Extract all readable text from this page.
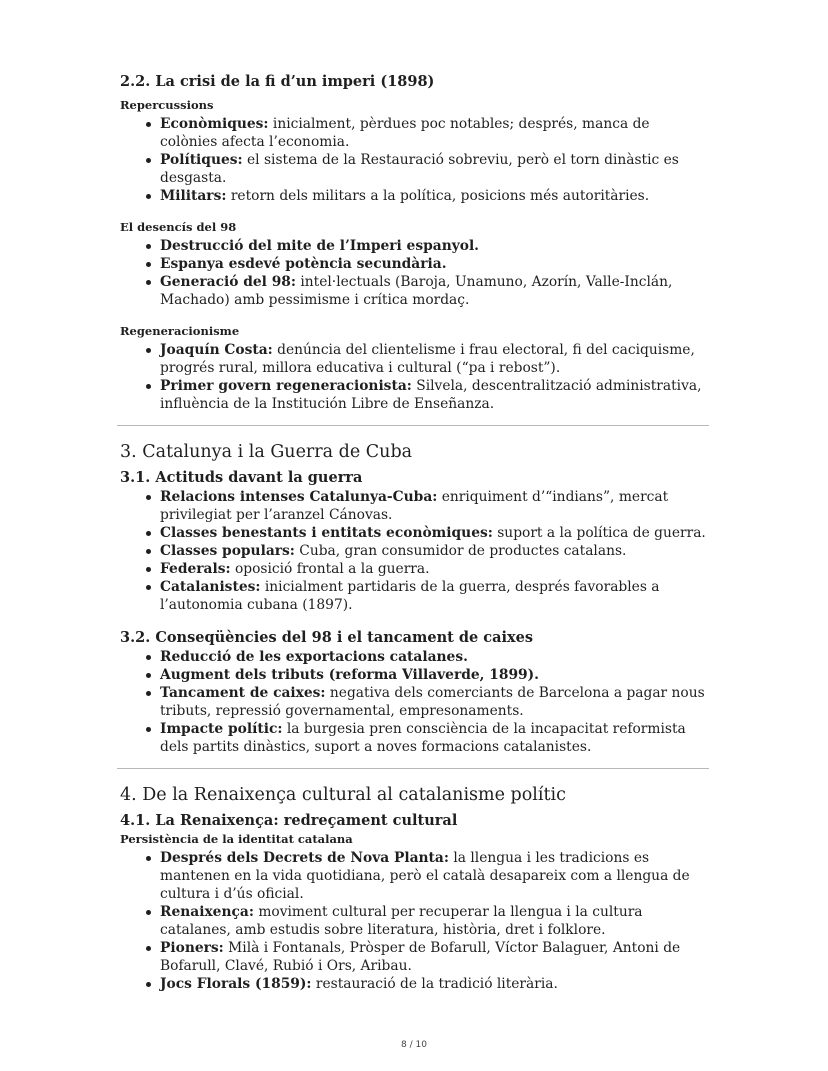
2.2. La crisi de la fi d’un imperi (1898)
Repercussions
Econòmiques: inicialment, pèrdues poc notables; després, manca de colònies afecta l’economia.
Polítiques: el sistema de la Restauració sobreviu, però el torn dinàstic es desgasta.
Militars: retorn dels militars a la política, posicions més autoritàries.
El desencís del 98
Destrucció del mite de l’Imperi espanyol.
Espanya esdevé potència secundària.
Generació del 98: intel·lectuals (Baroja, Unamuno, Azorín, Valle-Inclán, Machado) amb pessimisme i crítica mordaç.
Regeneracionisme
Joaquín Costa: denúncia del clientelisme i frau electoral, fi del caciquisme, progrés rural, millora educativa i cultural (“pa i rebost”).
Primer govern regeneracionista: Silvela, descentralització administrativa, influència de la Institución Libre de Enseñanza.
3. Catalunya i la Guerra de Cuba
3.1. Actituds davant la guerra
Relacions intenses Catalunya-Cuba: enriquiment d’“indians”, mercat privilegiat per l’aranzel Cánovas.
Classes benestants i entitats econòmiques: suport a la política de guerra.
Classes populars: Cuba, gran consumidor de productes catalans.
Federals: oposició frontal a la guerra.
Catalanistes: inicialment partidaris de la guerra, després favorables a l’autonomia cubana (1897).
3.2. Conseqüències del 98 i el tancament de caixes
Reducció de les exportacions catalanes.
Augment dels tributs (reforma Villaverde, 1899).
Tancament de caixes: negativa dels comerciants de Barcelona a pagar nous tributs, repressió governamental, empresonaments.
Impacte polític: la burgesia pren consciència de la incapacitat reformista dels partits dinàstics, suport a noves formacions catalanistes.
4. De la Renaixença cultural al catalanisme polític
4.1. La Renaixença: redreçament cultural
Persistència de la identitat catalana
Després dels Decrets de Nova Planta: la llengua i les tradicions es mantenen en la vida quotidiana, però el català desapareix com a llengua de cultura i d’ús oficial.
Renaixença: moviment cultural per recuperar la llengua i la cultura catalanes, amb estudis sobre literatura, història, dret i folklore.
Pioners: Milà i Fontanals, Pròsper de Bofarull, Víctor Balaguer, Antoni de Bofarull, Clavé, Rubió i Ors, Aribau.
Jocs Florals (1859): restauració de la tradició literària.
8 / 10
